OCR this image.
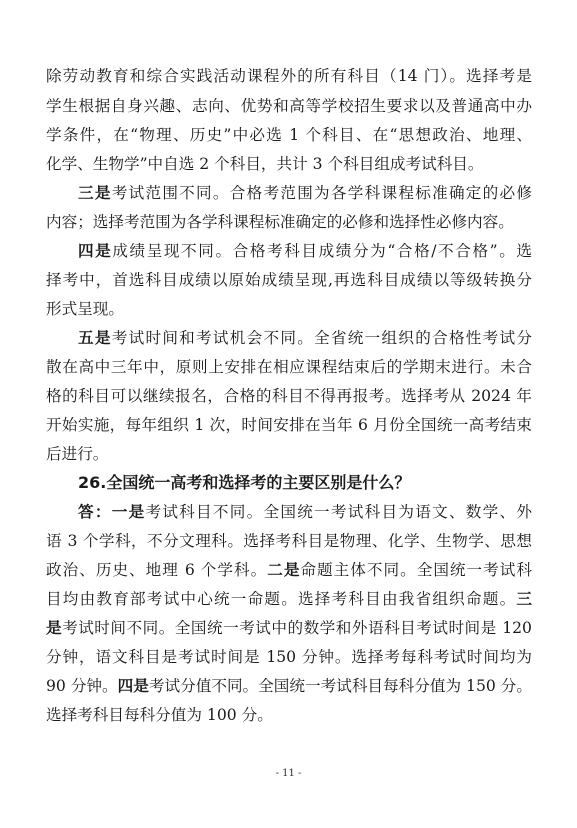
除劳动教育和综合实践活动课程外的所有科目（14 门）。选择考是
学生根据自身兴趣、志向、优势和高等学校招生要求以及普通高中办
学条件，在“物理、历史”中必选 1 个科目、在“思想政治、地理、
化学、生物学”中自选 2 个科目，共计 3 个科目组成考试科目。
三是考试范围不同。合格考范围为各学科课程标准确定的必修
内容；选择考范围为各学科课程标准确定的必修和选择性必修内容。
四是成绩呈现不同。合格考科目成绩分为“合格/不合格”。选
择考中，首选科目成绩以原始成绩呈现,再选科目成绩以等级转换分
形式呈现。
五是考试时间和考试机会不同。全省统一组织的合格性考试分
散在高中三年中，原则上安排在相应课程结束后的学期末进行。未合
格的科目可以继续报名，合格的科目不得再报考。选择考从 2024 年
开始实施，每年组织 1 次，时间安排在当年 6 月份全国统一高考结束
后进行。
26.全国统一高考和选择考的主要区别是什么？
答：一是考试科目不同。全国统一考试科目为语文、数学、外
语 3 个学科，不分文理科。选择考科目是物理、化学、生物学、思想
政治、历史、地理 6 个学科。二是命题主体不同。全国统一考试科
目均由教育部考试中心统一命题。选择考科目由我省组织命题。三
是考试时间不同。全国统一考试中的数学和外语科目考试时间是 120
分钟，语文科目是考试时间是 150 分钟。选择考每科考试时间均为
90 分钟。四是考试分值不同。全国统一考试科目每科分值为 150 分。
选择考科目每科分值为 100 分。
- 11 -
